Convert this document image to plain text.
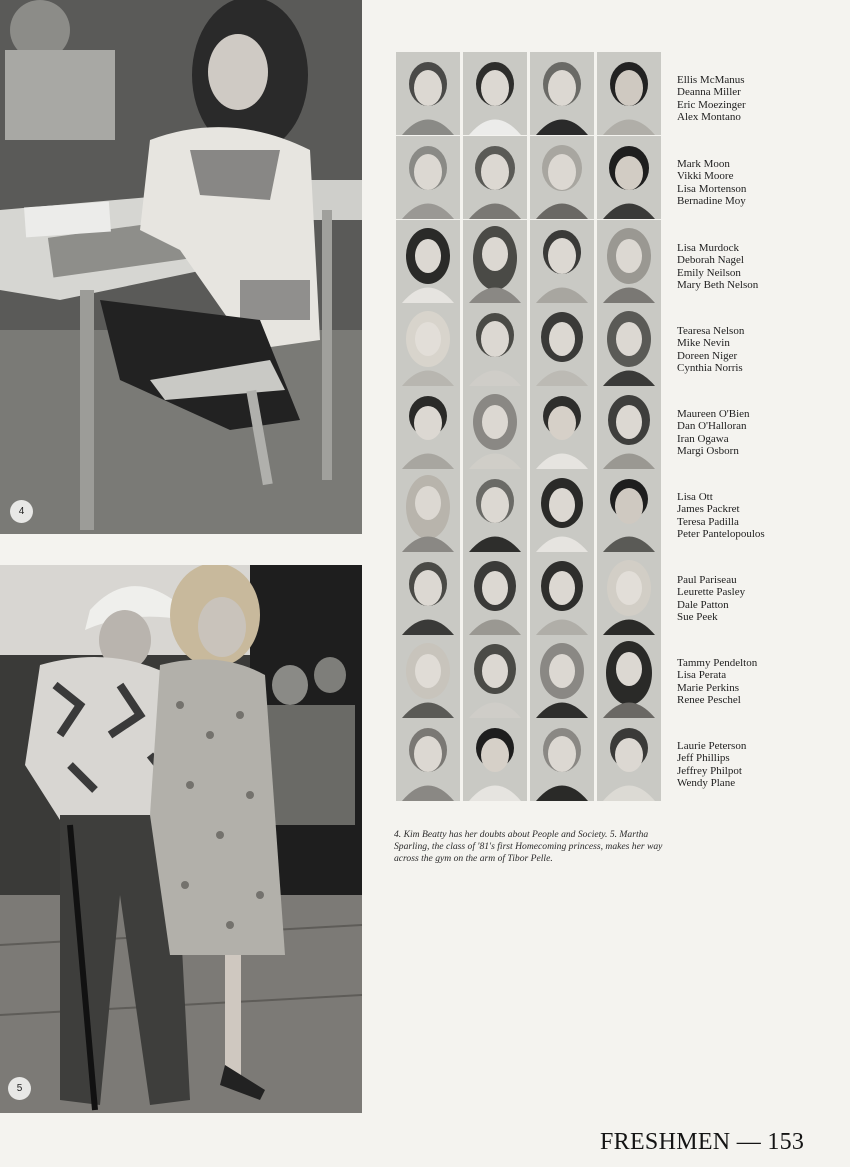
4
5
Ellis McManus
Deanna Miller
Eric Moezinger
Alex Montano
Mark Moon
Vikki Moore
Lisa Mortenson
Bernadine Moy
Lisa Murdock
Deborah Nagel
Emily Neilson
Mary Beth Nelson
Tearesa Nelson
Mike Nevin
Doreen Niger
Cynthia Norris
Maureen O'Bien
Dan O'Halloran
Iran Ogawa
Margi Osborn
Lisa Ott
James Packret
Teresa Padilla
Peter Pantelopoulos
Paul Pariseau
Leurette Pasley
Dale Patton
Sue Peek
Tammy Pendelton
Lisa Perata
Marie Perkins
Renee Peschel
Laurie Peterson
Jeff Phillips
Jeffrey Philpot
Wendy Plane
4. Kim Beatty has her doubts about People and Society. 5. Martha Sparling, the class of '81's first Homecoming princess, makes her way across the gym on the arm of Tibor Pelle.
FRESHMEN — 153
